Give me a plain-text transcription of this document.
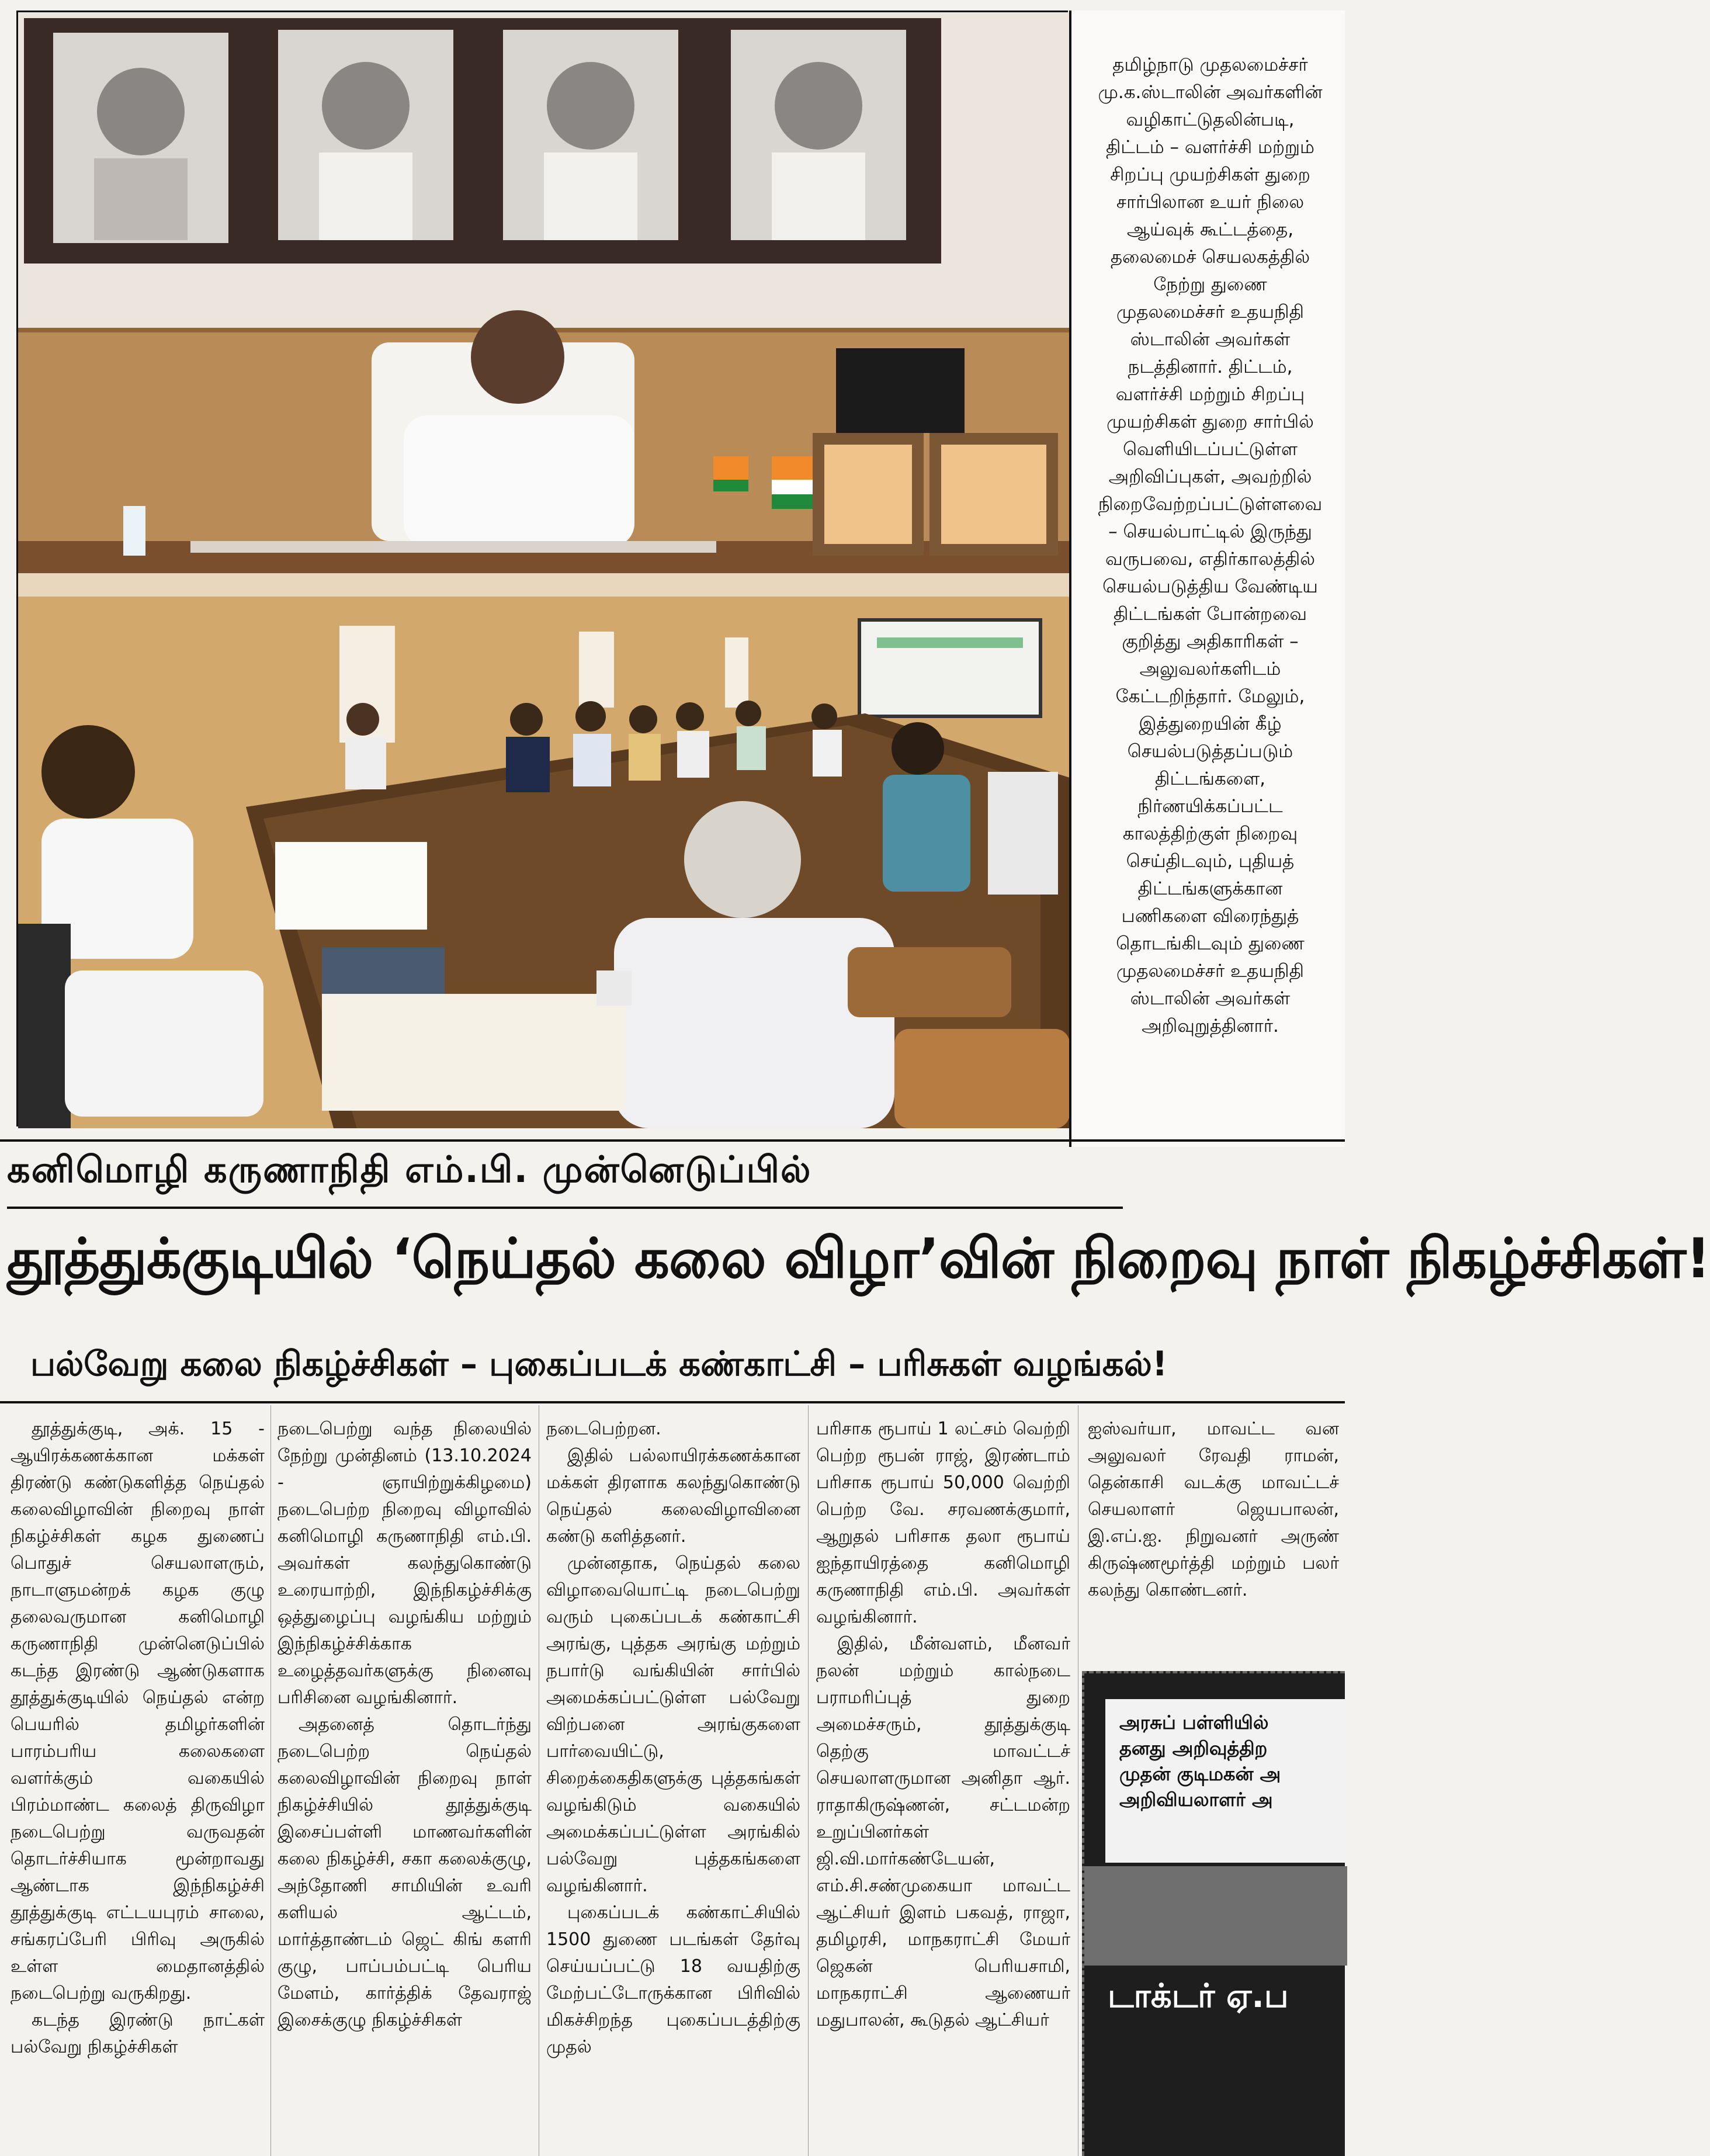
தமிழ்நாடு முதலமைச்சர் மு.க.ஸ்டாலின் அவர்களின் வழிகாட்டுதலின்படி, திட்டம் – வளர்ச்சி மற்றும் சிறப்பு முயற்சிகள் துறை சார்பிலான உயர் நிலை ஆய்வுக் கூட்டத்தை, தலைமைச் செயலகத்தில் நேற்று துணை முதலமைச்சர் உதயநிதி ஸ்டாலின் அவர்கள் நடத்தினார். திட்டம், வளர்ச்சி மற்றும் சிறப்பு முயற்சிகள் துறை சார்பில் வெளியிடப்பட்டுள்ள அறிவிப்புகள், அவற்றில் நிறைவேற்றப்பட்டுள்ளவை – செயல்பாட்டில் இருந்து வருபவை, எதிர்காலத்தில் செயல்படுத்திய வேண்டிய திட்டங்கள் போன்றவை குறித்து அதிகாரிகள் – அலுவலர்களிடம் கேட்டறிந்தார். மேலும், இத்துறையின் கீழ் செயல்படுத்தப்படும் திட்டங்களை, நிர்ணயிக்கப்பட்ட காலத்திற்குள் நிறைவு செய்திடவும், புதியத் திட்டங்களுக்கான பணிகளை விரைந்துத் தொடங்கிடவும் துணை முதலமைச்சர் உதயநிதி ஸ்டாலின் அவர்கள் அறிவுறுத்தினார்.

கனிமொழி கருணாநிதி எம்.பி. முன்னெடுப்பில்
தூத்துக்குடியில் ‘நெய்தல் கலை விழா’வின் நிறைவு நாள் நிகழ்ச்சிகள்!
பல்வேறு கலை நிகழ்ச்சிகள் – புகைப்படக் கண்காட்சி – பரிசுகள் வழங்கல்!

தூத்துக்குடி, அக். 15 - ஆயிரக்கணக்கான மக்கள் திரண்டு கண்டுகளித்த நெய்தல் கலைவிழாவின் நிறைவு நாள் நிகழ்ச்சிகள் கழக துணைப் பொதுச் செயலாளரும், நாடாளுமன்றக் கழக குழு தலைவருமான கனிமொழி கருணாநிதி முன்னெடுப்பில் கடந்த இரண்டு ஆண்டுகளாக தூத்துக்குடியில் நெய்தல் என்ற பெயரில் தமிழர்களின் பாரம்பரிய கலைகளை வளர்க்கும் வகையில் பிரம்மாண்ட கலைத் திருவிழா நடைபெற்று வருவதன் தொடர்ச்சியாக மூன்றாவது ஆண்டாக இந்நிகழ்ச்சி தூத்துக்குடி எட்டயபுரம் சாலை, சங்கரப்பேரி பிரிவு அருகில் உள்ள மைதானத்தில் நடைபெற்று வருகிறது.

கடந்த இரண்டு நாட்கள் பல்வேறு நிகழ்ச்சிகள்

நடைபெற்று வந்த நிலையில் நேற்று முன்தினம் (13.10.2024 - ஞாயிற்றுக்கிழமை) நடைபெற்ற நிறைவு விழாவில் கனிமொழி கருணாநிதி எம்.பி. அவர்கள் கலந்துகொண்டு உரையாற்றி, இந்நிகழ்ச்சிக்கு ஒத்துழைப்பு வழங்கிய மற்றும் இந்நிகழ்ச்சிக்காக உழைத்தவர்களுக்கு நினைவு பரிசினை வழங்கினார்.

அதனைத் தொடர்ந்து நடைபெற்ற நெய்தல் கலைவிழாவின் நிறைவு நாள் நிகழ்ச்சியில் தூத்துக்குடி இசைப்பள்ளி மாணவர்களின் கலை நிகழ்ச்சி, சகா கலைக்குழு, அந்தோணி சாமியின் உவரி களியல் ஆட்டம், மார்த்தாண்டம் ஜெட் கிங் களரி குழு, பாப்பம்பட்டி பெரிய மேளம், கார்த்திக் தேவராஜ் இசைக்குழு நிகழ்ச்சிகள்

நடைபெற்றன.

இதில் பல்லாயிரக்கணக்கான மக்கள் திரளாக கலந்துகொண்டு நெய்தல் கலைவிழாவினை கண்டு களித்தனர்.

முன்னதாக, நெய்தல் கலை விழாவையொட்டி நடைபெற்று வரும் புகைப்படக் கண்காட்சி அரங்கு, புத்தக அரங்கு மற்றும் நபார்டு வங்கியின் சார்பில் அமைக்கப்பட்டுள்ள பல்வேறு விற்பனை அரங்குகளை பார்வையிட்டு, சிறைக்கைதிகளுக்கு புத்தகங்கள் வழங்கிடும் வகையில் அமைக்கப்பட்டுள்ள அரங்கில் பல்வேறு புத்தகங்களை வழங்கினார்.

புகைப்படக் கண்காட்சியில் 1500 துணை படங்கள் தேர்வு செய்யப்பட்டு 18 வயதிற்கு மேற்பட்டோருக்கான பிரிவில் மிகச்சிறந்த புகைப்படத்திற்கு முதல்

பரிசாக ரூபாய் 1 லட்சம் வெற்றி பெற்ற ரூபன் ராஜ், இரண்டாம் பரிசாக ரூபாய் 50,000 வெற்றி பெற்ற வே. சரவணக்குமார், ஆறுதல் பரிசாக தலா ரூபாய் ஐந்தாயிரத்தை கனிமொழி கருணாநிதி எம்.பி. அவர்கள் வழங்கினார்.

இதில், மீன்வளம், மீனவர் நலன் மற்றும் கால்நடை பராமரிப்புத் துறை அமைச்சரும், தூத்துக்குடி தெற்கு மாவட்டச் செயலாளருமான அனிதா ஆர். ராதாகிருஷ்ணன், சட்டமன்ற உறுப்பினர்கள் ஜி.வி.மார்கண்டேயன், எம்.சி.சண்முகையா மாவட்ட ஆட்சியர் இளம் பகவத், ராஜா, தமிழரசி, மாநகராட்சி மேயர் ஜெகன் பெரியசாமி, மாநகராட்சி ஆணையர் மதுபாலன், கூடுதல் ஆட்சியர்

ஐஸ்வர்யா, மாவட்ட வன அலுவலர் ரேவதி ராமன், தென்காசி வடக்கு மாவட்டச் செயலாளர் ஜெயபாலன், இ.எப்.ஐ. நிறுவனர் அருண் கிருஷ்ணமூர்த்தி மற்றும் பலர் கலந்து கொண்டனர்.

அரசுப் பள்ளியில்

தனது அறிவுத்திற

முதன் குடிமகன் அ

அறிவியலாளர் அ

டாக்டர் ஏ.ப
